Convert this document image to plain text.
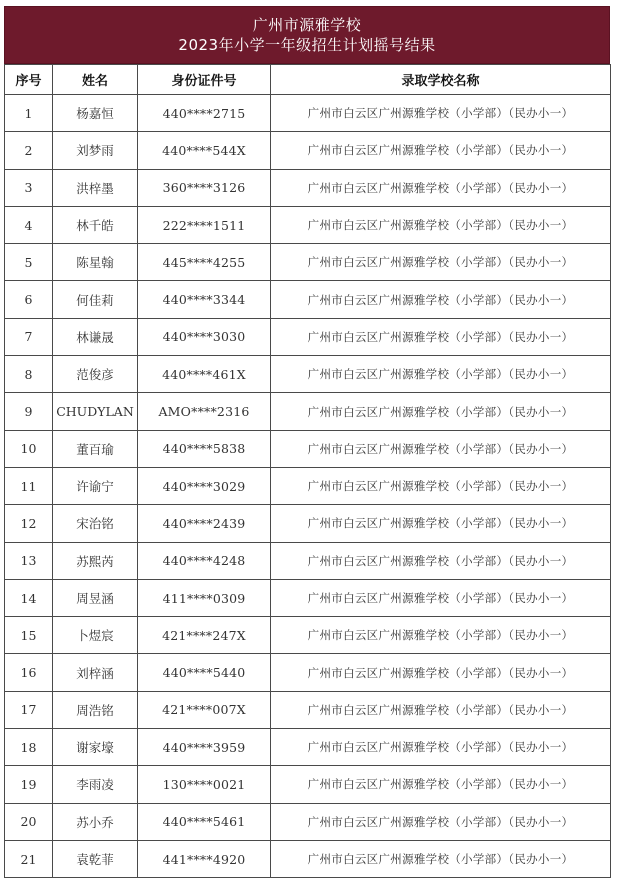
广州市源雅学校
2023年小学一年级招生计划摇号结果
序号	姓名	身份证件号	录取学校名称
1	杨嘉恒	440****2715	广州市白云区广州源雅学校（小学部）（民办小一）
2	刘梦雨	440****544X	广州市白云区广州源雅学校（小学部）（民办小一）
3	洪梓墨	360****3126	广州市白云区广州源雅学校（小学部）（民办小一）
4	林千皓	222****1511	广州市白云区广州源雅学校（小学部）（民办小一）
5	陈星翰	445****4255	广州市白云区广州源雅学校（小学部）（民办小一）
6	何佳莉	440****3344	广州市白云区广州源雅学校（小学部）（民办小一）
7	林谦晟	440****3030	广州市白云区广州源雅学校（小学部）（民办小一）
8	范俊彦	440****461X	广州市白云区广州源雅学校（小学部）（民办小一）
9	CHUDYLAN	AMO****2316	广州市白云区广州源雅学校（小学部）（民办小一）
10	董百瑜	440****5838	广州市白云区广州源雅学校（小学部）（民办小一）
11	许谕宁	440****3029	广州市白云区广州源雅学校（小学部）（民办小一）
12	宋治铭	440****2439	广州市白云区广州源雅学校（小学部）（民办小一）
13	苏熙芮	440****4248	广州市白云区广州源雅学校（小学部）（民办小一）
14	周昱涵	411****0309	广州市白云区广州源雅学校（小学部）（民办小一）
15	卜煜宸	421****247X	广州市白云区广州源雅学校（小学部）（民办小一）
16	刘梓涵	440****5440	广州市白云区广州源雅学校（小学部）（民办小一）
17	周浩铭	421****007X	广州市白云区广州源雅学校（小学部）（民办小一）
18	谢家壕	440****3959	广州市白云区广州源雅学校（小学部）（民办小一）
19	李雨凌	130****0021	广州市白云区广州源雅学校（小学部）（民办小一）
20	苏小乔	440****5461	广州市白云区广州源雅学校（小学部）（民办小一）
21	袁乾菲	441****4920	广州市白云区广州源雅学校（小学部）（民办小一）
